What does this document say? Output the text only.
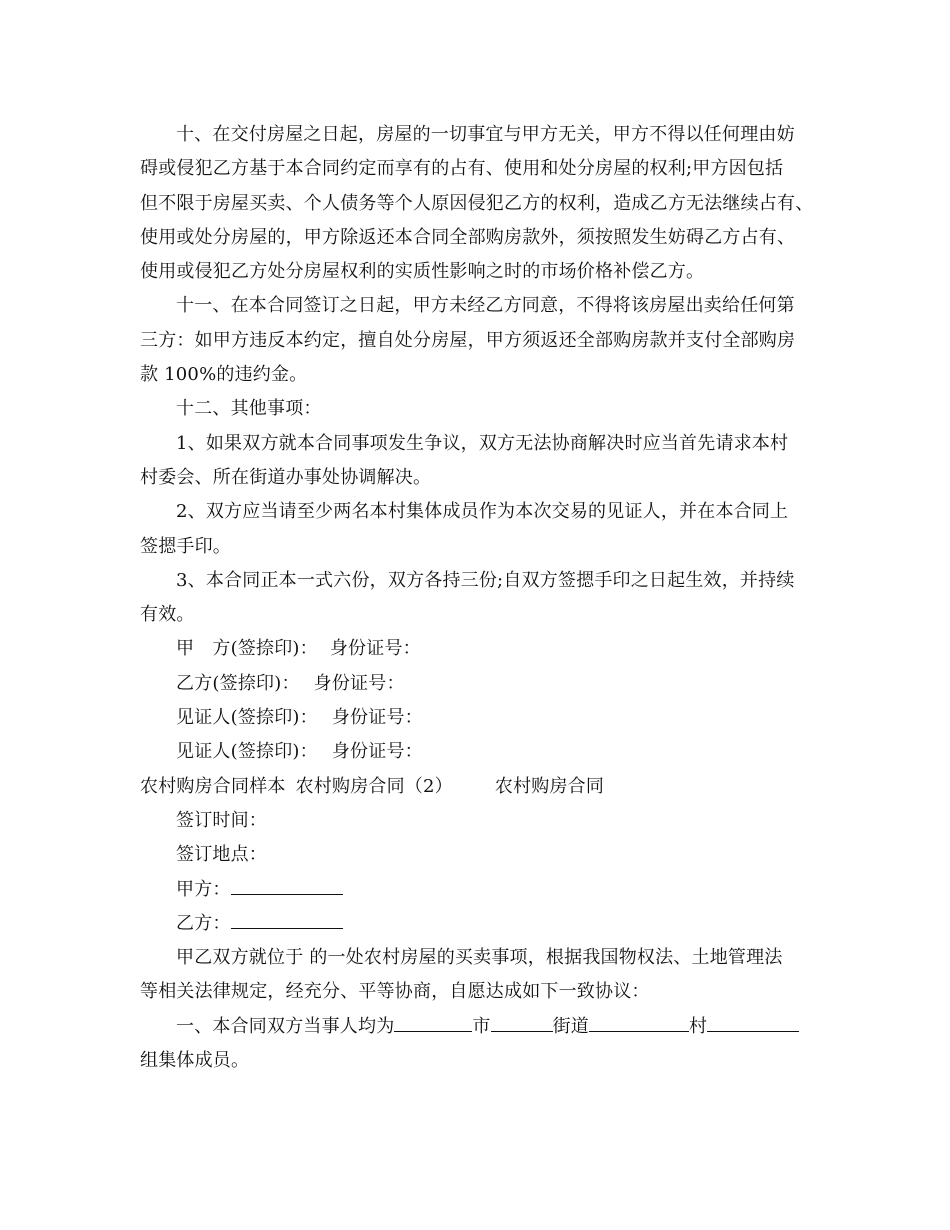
十、在交付房屋之日起，房屋的一切事宜与甲方无关，甲方不得以任何理由妨

碍或侵犯乙方基于本合同约定而享有的占有、使用和处分房屋的权利;甲方因包括

但不限于房屋买卖、个人债务等个人原因侵犯乙方的权利，造成乙方无法继续占有、

使用或处分房屋的，甲方除返还本合同全部购房款外，须按照发生妨碍乙方占有、

使用或侵犯乙方处分房屋权利的实质性影响之时的市场价格补偿乙方。

十一、在本合同签订之日起，甲方未经乙方同意，不得将该房屋出卖给任何第

三方：如甲方违反本约定，擅自处分房屋，甲方须返还全部购房款并支付全部购房

款 100%的违约金。

十二、其他事项：

1、如果双方就本合同事项发生争议，双方无法协商解决时应当首先请求本村

村委会、所在街道办事处协调解决。

2、双方应当请至少两名本村集体成员作为本次交易的见证人，并在本合同上

签摁手印。

3、本合同正本一式六份，双方各持三份;自双方签摁手印之日起生效，并持续

有效。

甲　方(签捺印)： 身份证号：

乙方(签捺印)： 身份证号：

见证人(签捺印)： 身份证号：

见证人(签捺印)： 身份证号：

农村购房合同样本 农村购房合同（2） 农村购房合同

签订时间：

签订地点：

甲方：

乙方：

甲乙双方就位于 的一处农村房屋的买卖事项，根据我国物权法、土地管理法

等相关法律规定，经充分、平等协商，自愿达成如下一致协议：

一、本合同双方当事人均为	市	街道	村

组集体成员。
